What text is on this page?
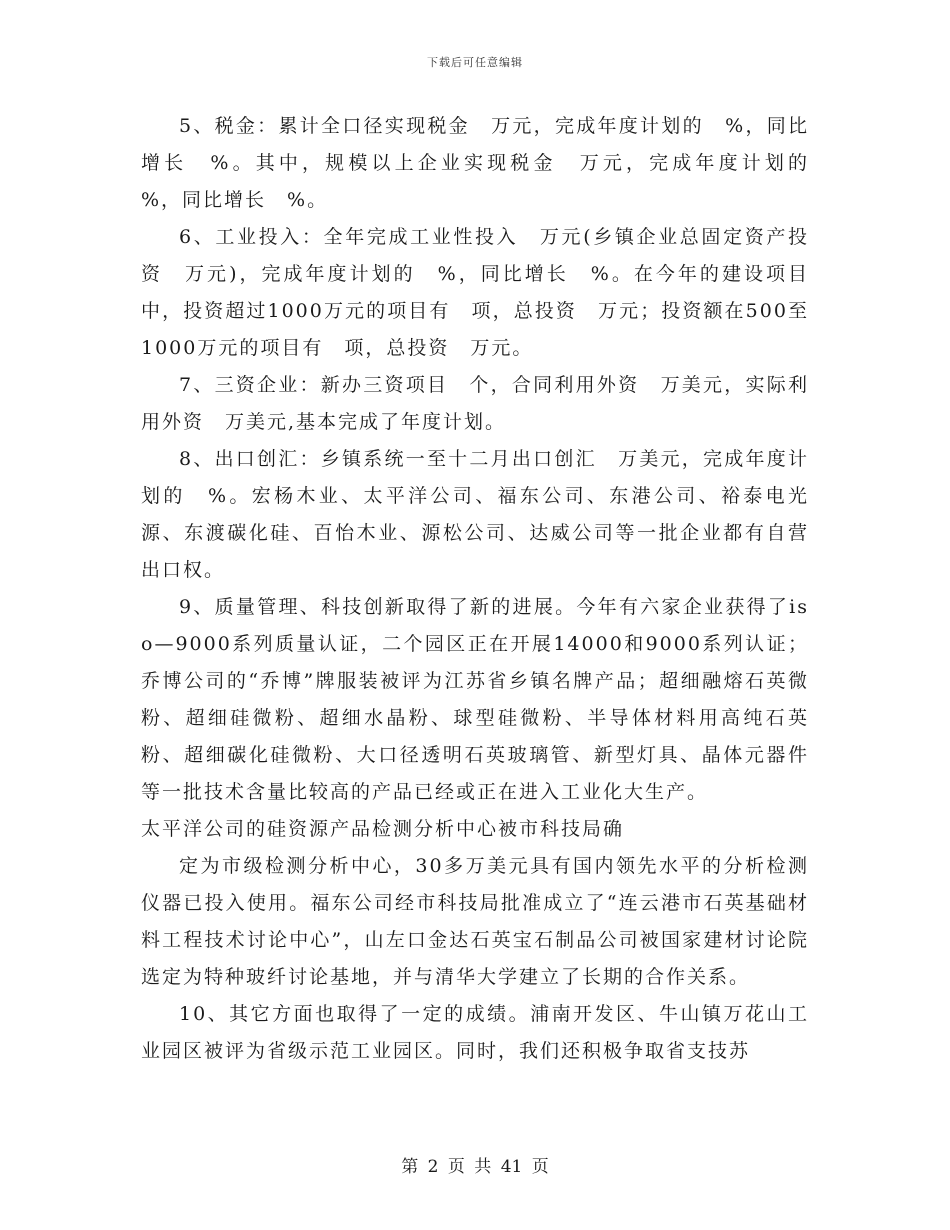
下载后可任意编辑

5、税金：累计全口径实现税金　万元，完成年度计划的　%，同比增长　%。其中，规模以上企业实现税金　万元，完成年度计划的　%，同比增长　%。

6、工业投入：全年完成工业性投入　万元(乡镇企业总固定资产投资　万元)，完成年度计划的　%，同比增长　%。在今年的建设项目中，投资超过1000万元的项目有　项，总投资　万元；投资额在500至1000万元的项目有　项，总投资　万元。

7、三资企业：新办三资项目　个，合同利用外资　万美元，实际利用外资　万美元,基本完成了年度计划。

8、出口创汇：乡镇系统一至十二月出口创汇　万美元，完成年度计划的　%。宏杨木业、太平洋公司、福东公司、东港公司、裕泰电光源、东渡碳化硅、百怡木业、源松公司、达威公司等一批企业都有自营出口权。

9、质量管理、科技创新取得了新的进展。今年有六家企业获得了iso—9000系列质量认证，二个园区正在开展14000和9000系列认证；乔博公司的“乔博”牌服装被评为江苏省乡镇名牌产品；超细融熔石英微粉、超细硅微粉、超细水晶粉、球型硅微粉、半导体材料用高纯石英粉、超细碳化硅微粉、大口径透明石英玻璃管、新型灯具、晶体元器件等一批技术含量比较高的产品已经或正在进入工业化大生产。

太平洋公司的硅资源产品检测分析中心被市科技局确

定为市级检测分析中心，30多万美元具有国内领先水平的分析检测仪器已投入使用。福东公司经市科技局批准成立了“连云港市石英基础材料工程技术讨论中心”，山左口金达石英宝石制品公司被国家建材讨论院选定为特种玻纤讨论基地，并与清华大学建立了长期的合作关系。

10、其它方面也取得了一定的成绩。浦南开发区、牛山镇万花山工业园区被评为省级示范工业园区。同时，我们还积极争取省支技苏

第 2 页 共 41 页
